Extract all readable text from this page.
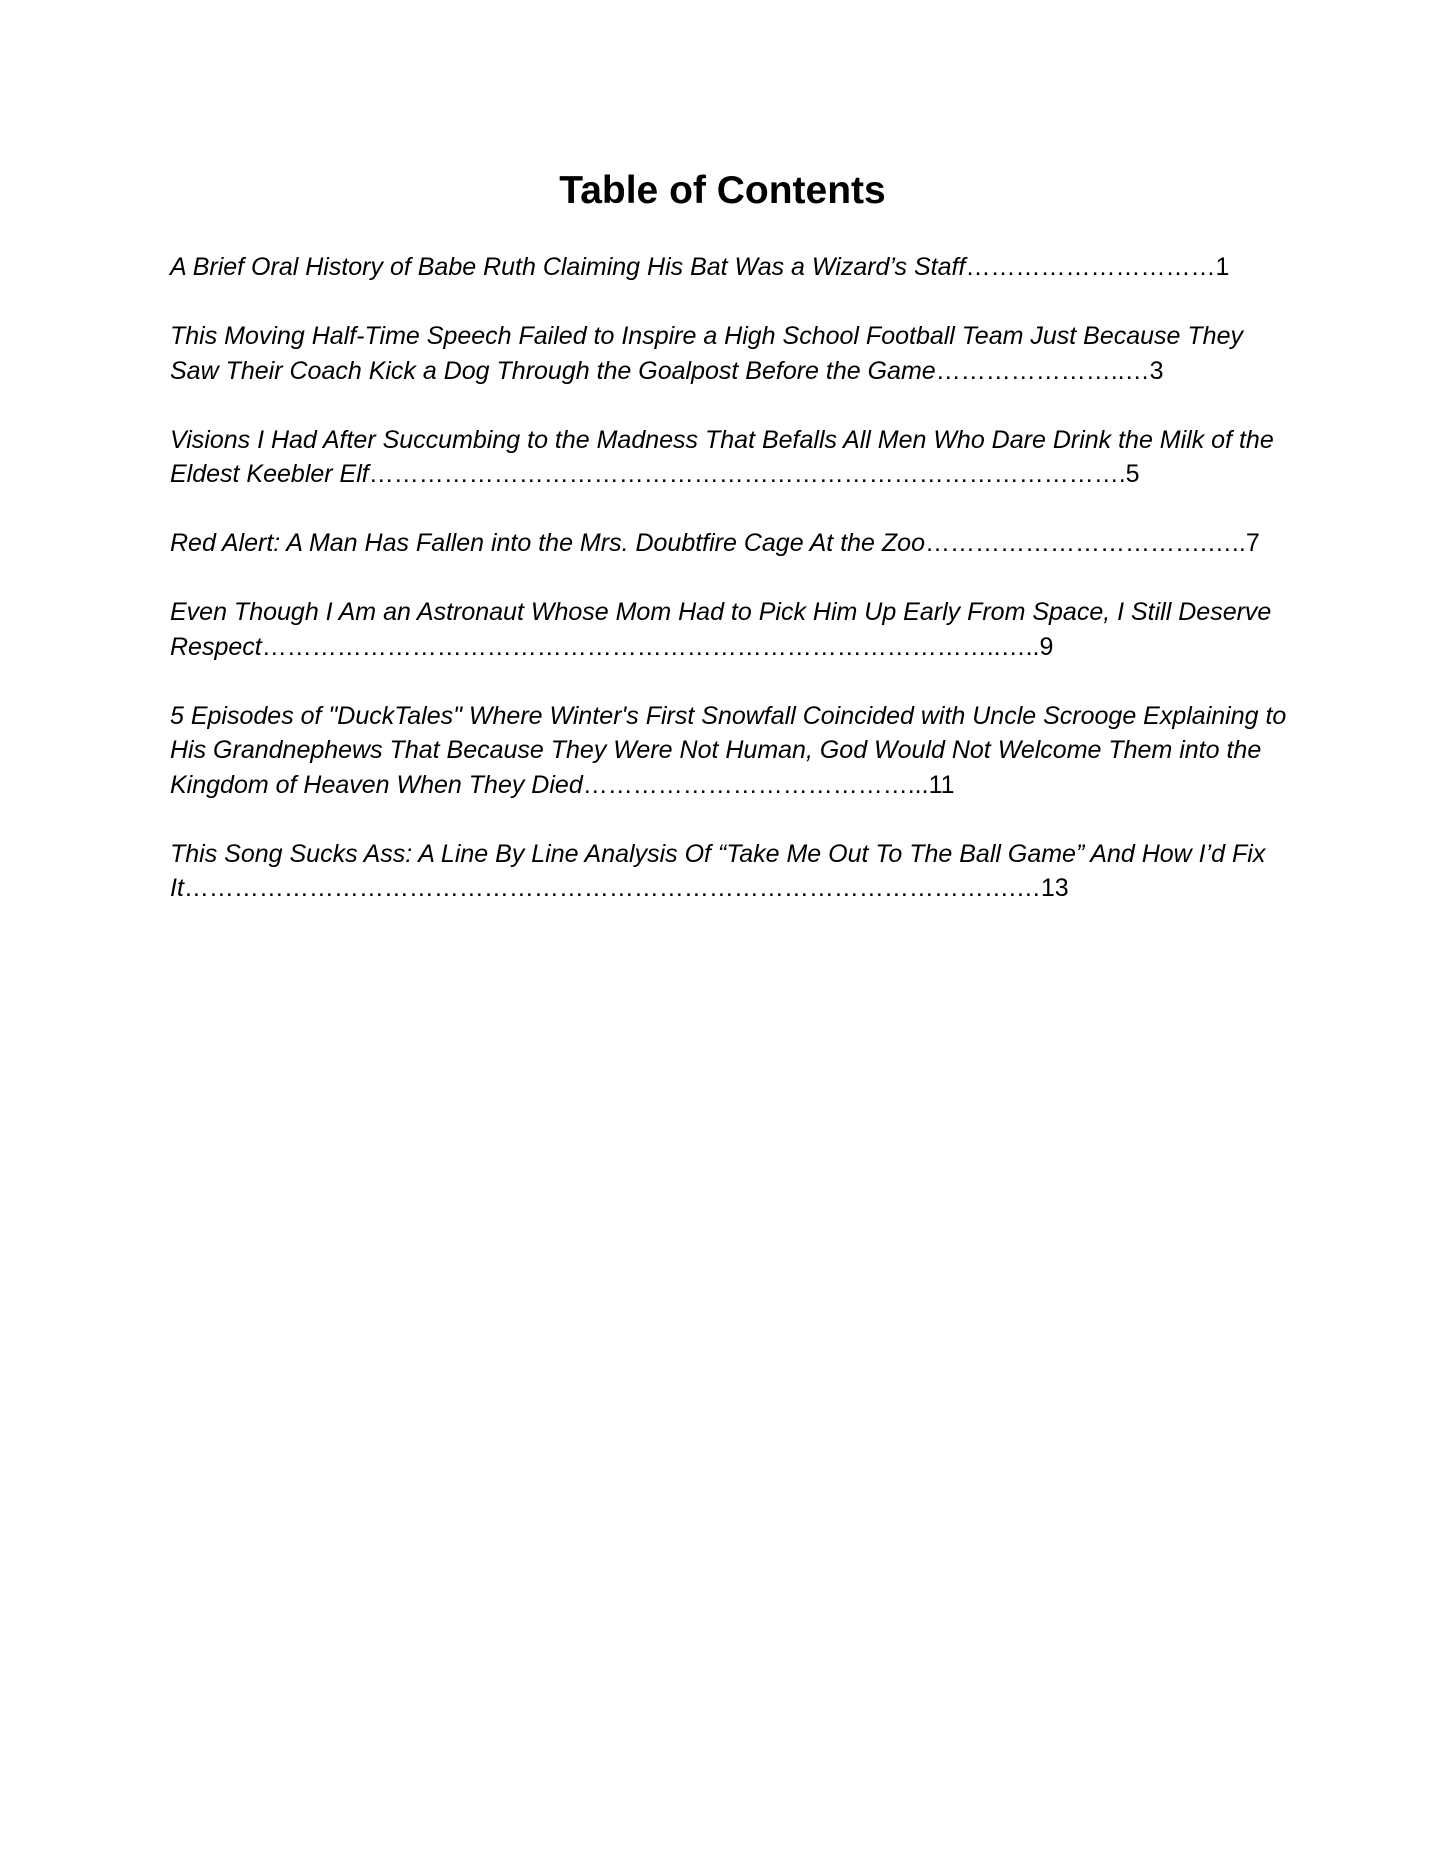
Table of Contents
A Brief Oral History of Babe Ruth Claiming His Bat Was a Wizard’s Staff…………………………1
This Moving Half-Time Speech Failed to Inspire a High School Football Team Just Because They Saw Their Coach Kick a Dog Through the Goalpost Before the Game…………………..…3
Visions I Had After Succumbing to the Madness That Befalls All Men Who Dare Drink the Milk of the Eldest Keebler Elf……………………………………………………………………………….5
Red Alert: A Man Has Fallen into the Mrs. Doubtfire Cage At the Zoo…………………………….…..7
Even Though I Am an Astronaut Whose Mom Had to Pick Him Up Early From Space, I Still Deserve Respect……………………………………………………………………………..…..9
5 Episodes of "DuckTales" Where Winter's First Snowfall Coincided with Uncle Scrooge Explaining to His Grandnephews That Because They Were Not Human, God Would Not Welcome Them into the Kingdom of Heaven When They Died…………………………………...11
This Song Sucks Ass: A Line By Line Analysis Of “Take Me Out To The Ball Game” And How I’d Fix It……………………………………………………………………………………….…13
